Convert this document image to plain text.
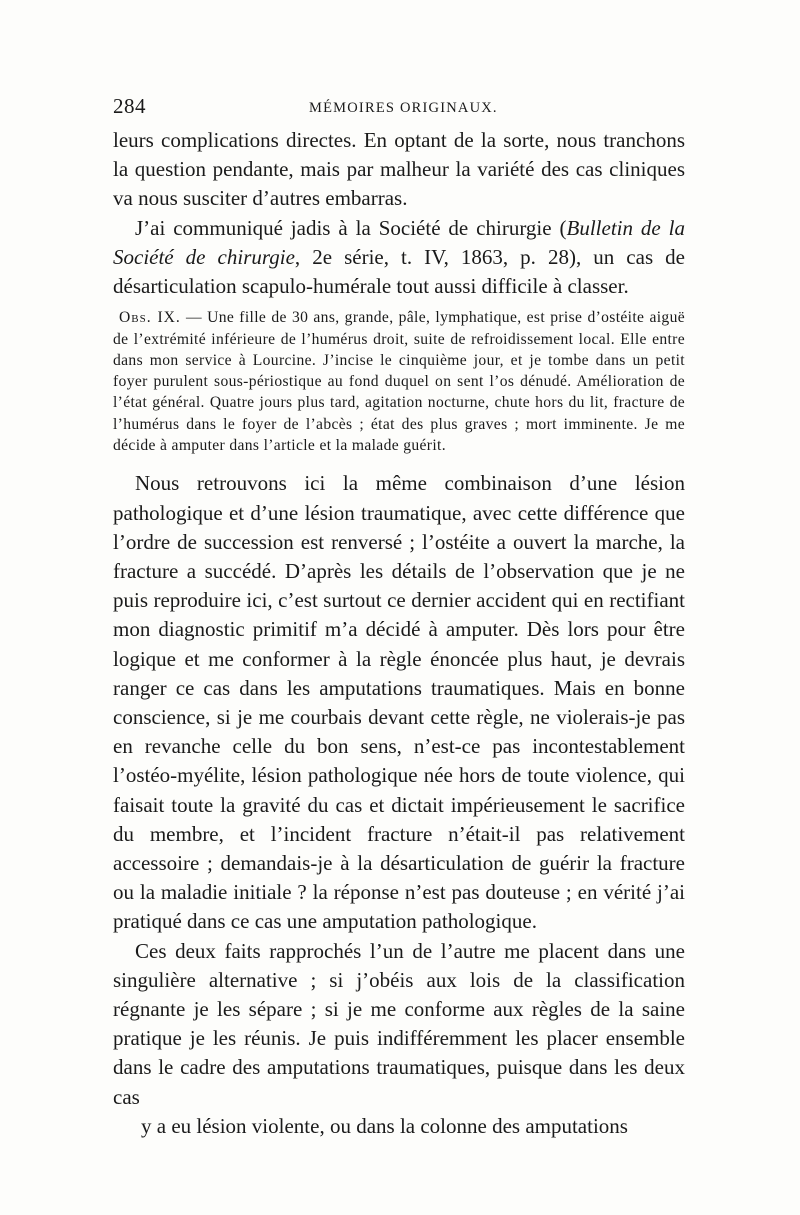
284	MÉMOIRES ORIGINAUX.

leurs complications directes. En optant de la sorte, nous tranchons la question pendante, mais par malheur la variété des cas cliniques va nous susciter d’autres embarras.

J’ai communiqué jadis à la Société de chirurgie (Bulletin de la Société de chirurgie, 2e série, t. IV, 1863, p. 28), un cas de désarticulation scapulo-humérale tout aussi difficile à classer.

Obs. IX. — Une fille de 30 ans, grande, pâle, lymphatique, est prise d’ostéite aiguë de l’extrémité inférieure de l’humérus droit, suite de refroidissement local. Elle entre dans mon service à Lourcine. J’incise le cinquième jour, et je tombe dans un petit foyer purulent sous-périostique au fond duquel on sent l’os dénudé. Amélioration de l’état général. Quatre jours plus tard, agitation nocturne, chute hors du lit, fracture de l’humérus dans le foyer de l’abcès ; état des plus graves ; mort imminente. Je me décide à amputer dans l’article et la malade guérit.

Nous retrouvons ici la même combinaison d’une lésion pathologique et d’une lésion traumatique, avec cette différence que l’ordre de succession est renversé ; l’ostéite a ouvert la marche, la fracture a succédé. D’après les détails de l’observation que je ne puis reproduire ici, c’est surtout ce dernier accident qui en rectifiant mon diagnostic primitif m’a décidé à amputer. Dès lors pour être logique et me conformer à la règle énoncée plus haut, je devrais ranger ce cas dans les amputations traumatiques. Mais en bonne conscience, si je me courbais devant cette règle, ne violerais-je pas en revanche celle du bon sens, n’est-ce pas incontestablement l’ostéo-myélite, lésion pathologique née hors de toute violence, qui faisait toute la gravité du cas et dictait impérieusement le sacrifice du membre, et l’incident fracture n’était-il pas relativement accessoire ; demandais-je à la désarticulation de guérir la fracture ou la maladie initiale ? la réponse n’est pas douteuse ; en vérité j’ai pratiqué dans ce cas une amputation pathologique.

Ces deux faits rapprochés l’un de l’autre me placent dans une singulière alternative ; si j’obéis aux lois de la classification régnante je les sépare ; si je me conforme aux règles de la saine pratique je les réunis. Je puis indifféremment les placer ensemble dans le cadre des amputations traumatiques, puisque dans les deux cas

y a eu lésion violente, ou dans la colonne des amputations
